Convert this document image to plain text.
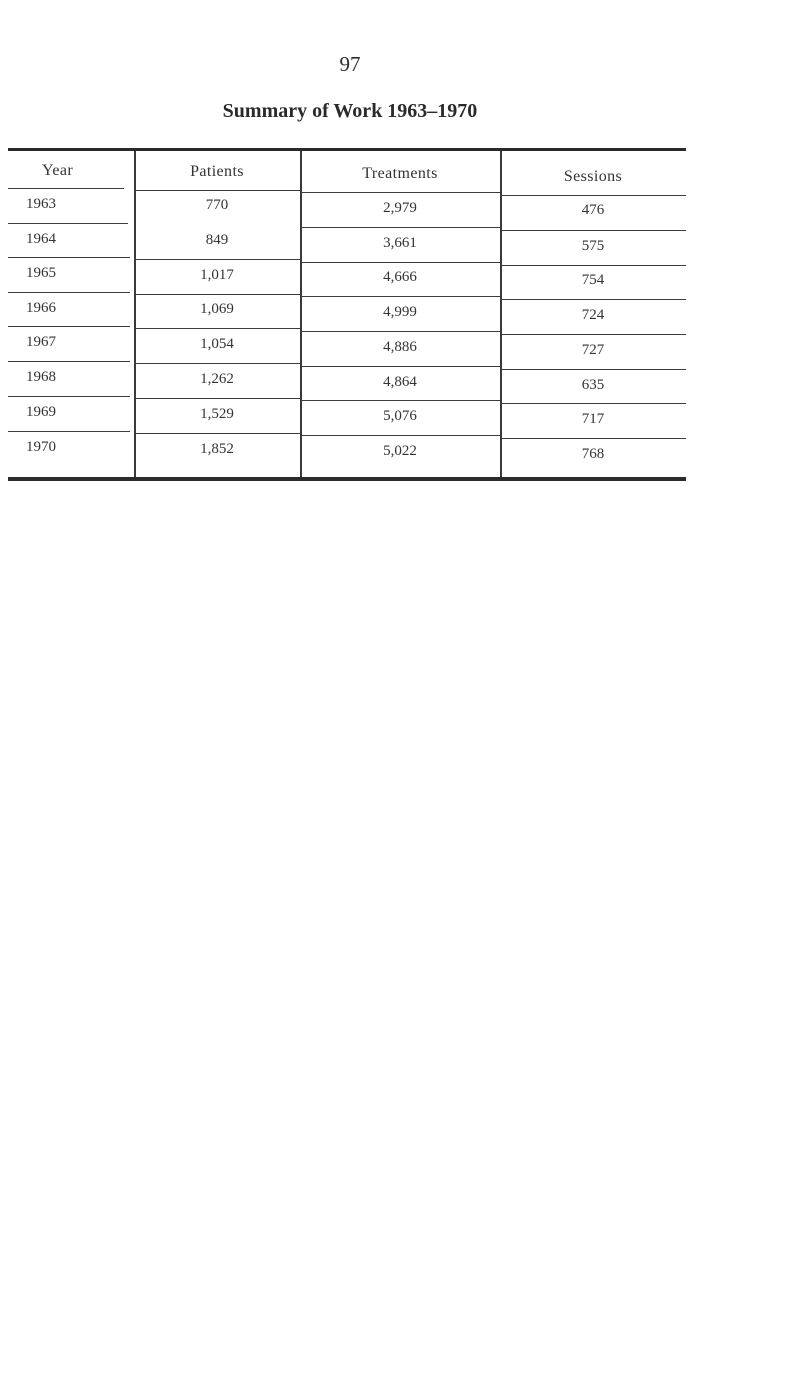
97
Summary of Work 1963–1970
Year	Patients	Treatments	Sessions
1963	770	2,979	476
1964	849	3,661	575
1965	1,017	4,666	754
1966	1,069	4,999	724
1967	1,054	4,886	727
1968	1,262	4,864	635
1969	1,529	5,076	717
1970	1,852	5,022	768
